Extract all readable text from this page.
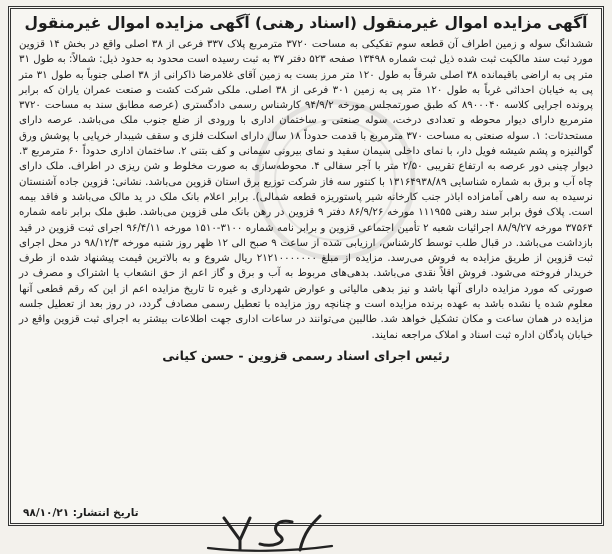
آگهی مزایده اموال غیرمنقول (اسناد رهنی) آگهی مزایده اموال غیرمنقول

ششدانگ سوله و زمین اطراف آن قطعه سوم تفکیکی به مساحت ۳۷۲۰ مترمربع پلاک ۳۳۷ فرعی از ۳۸ اصلی واقع در بخش ۱۴ قزوین مورد ثبت سند مالکیت ثبت شده ذیل ثبت شماره ۱۳۴۹۸ صفحه ۵۲۳ دفتر ۳۷ به ثبت رسیده است محدود به حدود ذیل: شمالاً: به طول ۳۱ متر پی به اراضی باقیمانده ۳۸ اصلی شرقاً به طول ۱۲۰ متر مرز بست به زمین آقای غلامرضا ذاکرانی از ۳۸ اصلی جنوباً به طول ۳۱ متر پی به خیابان احداثی غرباً به طول ۱۲۰ متر پی به زمین ۳۰۱ فرعی از ۳۸ اصلی. ملکی شرکت کشت و صنعت عمران یاران که برابر پرونده اجرایی کلاسه ۸۹۰۰۰۴۰ که طبق صورتمجلس مورخه ۹۴/۹/۲ کارشناس رسمی دادگستری (عرصه مطابق سند به مساحت ۳۷۲۰ مترمربع دارای دیوار محوطه و تعدادی درخت، سوله صنعتی و ساختمان اداری با ورودی از ضلع جنوب ملک می‌باشد. عرصه دارای مستحدثات: ۱. سوله صنعتی به مساحت ۳۷۰ مترمربع با قدمت حدوداً ۱۸ سال دارای اسکلت فلزی و سقف شیبدار خرپایی با پوشش ورق گوالنیزه و پشم شیشه فویل دار، با نمای داخلی سیمان سفید و نمای بیرونی سیمانی و کف بتنی ۲. ساختمان اداری حدوداً ۶۰ مترمربع ۳. دیوار چینی دور عرصه به ارتفاع تقریبی ۲/۵۰ متر با آجر سفالی ۴. محوطه‌سازی به صورت مخلوط و شن ریزی در اطراف. ملک دارای چاه آب و برق به شماره شناسایی ۱۳۱۶۴۹۳۸/۸۹ با کنتور سه فاز شرکت توزیع برق استان قزوین می‌باشد. نشانی: قزوین جاده آشنستان نرسیده به سه راهی آمامزاده اباذر جنب کارخانه شیر پاستوریزه قطعه شمالی). برابر اعلام بانک ملک در ید مالک می‌باشد و فاقد بیمه است. پلاک فوق برابر سند رهنی ۱۱۱۹۵۵ مورخه ۸۶/۹/۲۶ دفتر ۹ قزوین در رهن بانک ملی قزوین می‌باشد. طبق ملک برابر نامه شماره ۳۷۵۶۴ مورخه ۸۸/۹/۲۷ اجرائیات شعبه ۲ تأمین اجتماعی قزوین و برابر نامه شماره ۳۱۰۰-۱۵۱۰ مورخه ۹۶/۴/۱۱ اجرای ثبت قزوین در قید بازداشت می‌باشد. در قبال طلب توسط کارشناس، ارزیابی شده از ساعت ۹ صبح الی ۱۲ ظهر روز شنبه مورخه ۹۸/۱۲/۳ در محل اجرای ثبت قزوین از طریق مزایده به فروش می‌رسد. مزایده از مبلغ ۲۱۲۱۰۰۰۰۰۰۰ ریال شروع و به بالاترین قیمت پیشنهاد شده از طرف خریدار فروخته می‌شود. فروش اقلاً نقدی می‌باشد. بدهی‌های مربوط به آب و برق و گاز اعم از حق انشعاب یا اشتراک و مصرف در صورتی که مورد مزایده دارای آنها باشد و نیز بدهی مالیاتی و عوارض شهرداری و غیره تا تاریخ مزایده اعم از این که رقم قطعی آنها معلوم شده یا نشده باشد به عهده برنده مزایده است و چنانچه روز مزایده با تعطیل رسمی مصادف گردد، در روز بعد از تعطیل جلسه مزایده در همان ساعت و مکان تشکیل خواهد شد. طالبین می‌توانند در ساعات اداری جهت اطلاعات بیشتر به اجرای ثبت قزوین واقع در خیابان پادگان اداره ثبت اسناد و املاک مراجعه نمایند.

رئیس اجرای اسناد رسمی قزوین - حسن کیانی
تاریخ انتشار: ۹۸/۱۰/۲۱
